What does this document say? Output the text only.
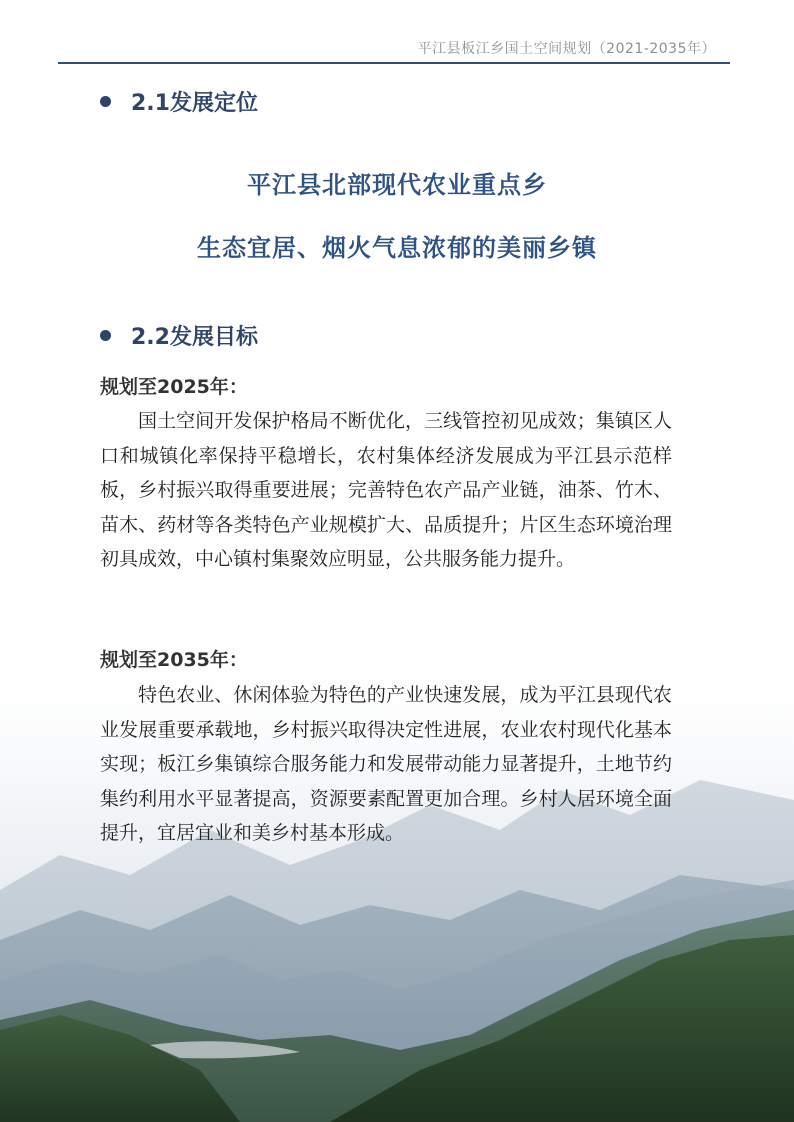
平江县板江乡国土空间规划（2021-2035年）
2.1发展定位
平江县北部现代农业重点乡
生态宜居、烟火气息浓郁的美丽乡镇
2.2发展目标
规划至2025年：
国土空间开发保护格局不断优化，三线管控初见成效；集镇区人口和城镇化率保持平稳增长，农村集体经济发展成为平江县示范样板，乡村振兴取得重要进展；完善特色农产品产业链，油茶、竹木、苗木、药材等各类特色产业规模扩大、品质提升；片区生态环境治理初具成效，中心镇村集聚效应明显，公共服务能力提升。
规划至2035年：
特色农业、休闲体验为特色的产业快速发展，成为平江县现代农业发展重要承载地，乡村振兴取得决定性进展，农业农村现代化基本实现；板江乡集镇综合服务能力和发展带动能力显著提升，土地节约集约利用水平显著提高，资源要素配置更加合理。乡村人居环境全面提升，宜居宜业和美乡村基本形成。
